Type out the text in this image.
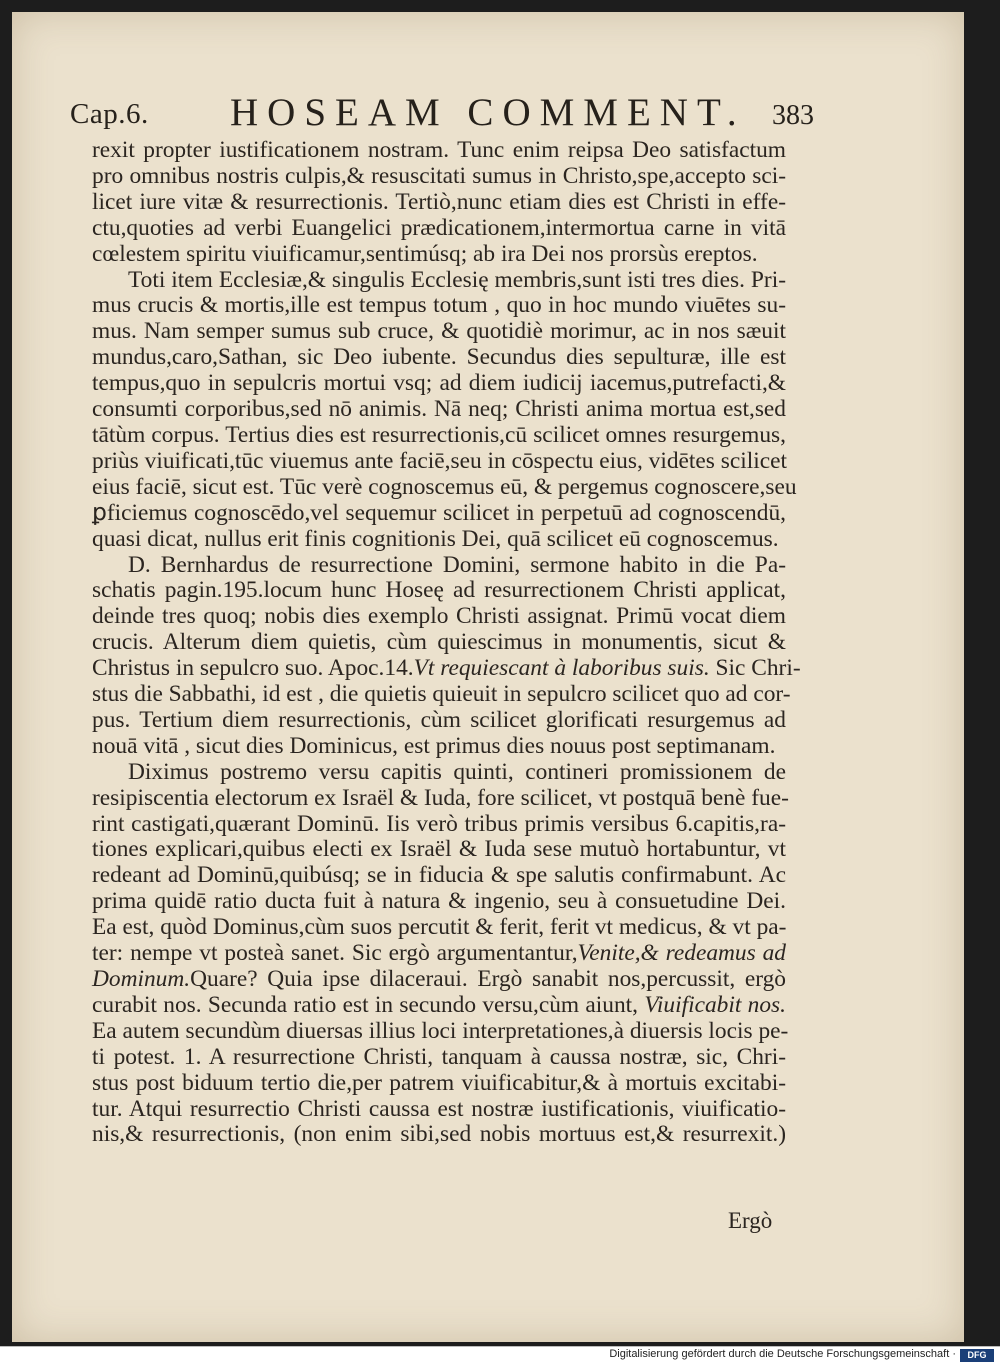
Cap.6. HOSEAM COMMENT. 383
rexit propter iustificationem nostram. Tunc enim reipsa Deo satisfactum
pro omnibus nostris culpis,& resuscitati sumus in Christo,spe,accepto sci-
licet iure vitæ & resurrectionis. Tertiò,nunc etiam dies est Christi in effe-
ctu,quoties ad verbi Euangelici prædicationem,intermortua carne in vitā
cœlestem spiritu viuificamur,sentimúsq; ab ira Dei nos prorsùs ereptos.
Toti item Ecclesiæ,& singulis Ecclesię membris,sunt isti tres dies. Pri-
mus crucis & mortis,ille est tempus totum , quo in hoc mundo viuētes su-
mus. Nam semper sumus sub cruce, & quotidiè morimur, ac in nos sæuit
mundus,caro,Sathan, sic Deo iubente. Secundus dies sepulturæ, ille est
tempus,quo in sepulcris mortui vsq; ad diem iudicij iacemus,putrefacti,&
consumti corporibus,sed nō animis. Nā neq; Christi anima mortua est,sed
tātùm corpus. Tertius dies est resurrectionis,cū scilicet omnes resurgemus,
priùs viuificati,tūc viuemus ante faciē,seu in cōspectu eius, vidētes scilicet
eius faciē, sicut est. Tūc verè cognoscemus eū, & pergemus cognoscere,seu
ꝑficiemus cognoscēdo,vel sequemur scilicet in perpetuū ad cognoscendū,
quasi dicat, nullus erit finis cognitionis Dei, quā scilicet eū cognoscemus.
D. Bernhardus de resurrectione Domini, sermone habito in die Pa-
schatis pagin.195.locum hunc Hoseę ad resurrectionem Christi applicat,
deinde tres quoq; nobis dies exemplo Christi assignat. Primū vocat diem
crucis. Alterum diem quietis, cùm quiescimus in monumentis, sicut &
Christus in sepulcro suo. Apoc.14.Vt requiescant à laboribus suis. Sic Chri-
stus die Sabbathi, id est , die quietis quieuit in sepulcro scilicet quo ad cor-
pus. Tertium diem resurrectionis, cùm scilicet glorificati resurgemus ad
nouā vitā , sicut dies Dominicus, est primus dies nouus post septimanam.
Diximus postremo versu capitis quinti, contineri promissionem de
resipiscentia electorum ex Israël & Iuda, fore scilicet, vt postquā benè fue-
rint castigati,quærant Dominū. Iis verò tribus primis versibus 6.capitis,ra-
tiones explicari,quibus electi ex Israël & Iuda sese mutuò hortabuntur, vt
redeant ad Dominū,quibúsq; se in fiducia & spe salutis confirmabunt. Ac
prima quidē ratio ducta fuit à natura & ingenio, seu à consuetudine Dei.
Ea est, quòd Dominus,cùm suos percutit & ferit, ferit vt medicus, & vt pa-
ter: nempe vt posteà sanet. Sic ergò argumentantur,Venite,& redeamus ad
Dominum.Quare? Quia ipse dilaceraui. Ergò sanabit nos,percussit, ergò
curabit nos. Secunda ratio est in secundo versu,cùm aiunt, Viuificabit nos.
Ea autem secundùm diuersas illius loci interpretationes,à diuersis locis pe-
ti potest. 1. A resurrectione Christi, tanquam à caussa nostræ, sic, Chri-
stus post biduum tertio die,per patrem viuificabitur,& à mortuis excitabi-
tur. Atqui resurrectio Christi caussa est nostræ iustificationis, viuificatio-
nis,& resurrectionis, (non enim sibi,sed nobis mortuus est,& resurrexit.)
Ergò
Digitalisierung gefördert durch die Deutsche Forschungsgemeinschaft ·	DFG
